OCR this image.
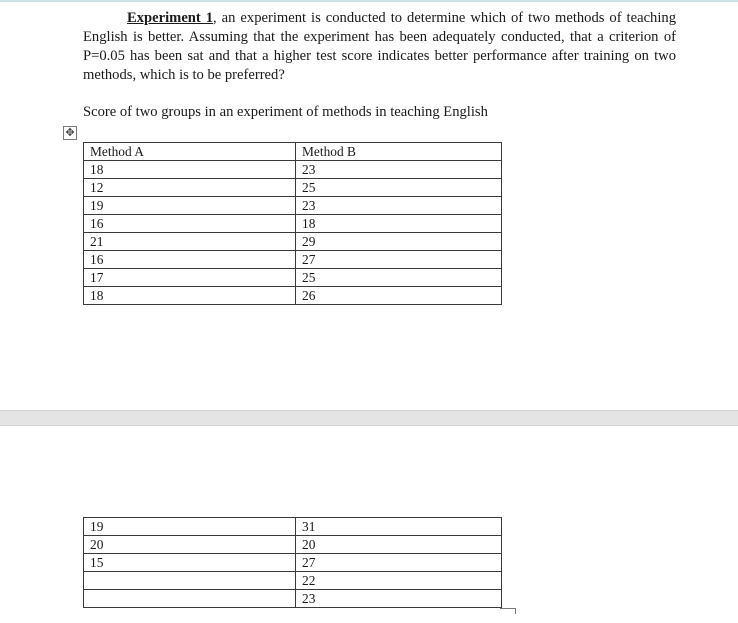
Experiment 1, an experiment is conducted to determine which of two methods of teaching English is better. Assuming that the experiment has been adequately conducted, that a criterion of P=0.05 has been sat and that a higher test score indicates better performance after training on two methods, which is to be preferred?

Score of two groups in an experiment of methods in teaching English

✥
Method A	Method B
18	23
12	25
19	23
16	18
21	29
16	27
17	25
18	26
19	31
20	20
15	27
	22
	23
